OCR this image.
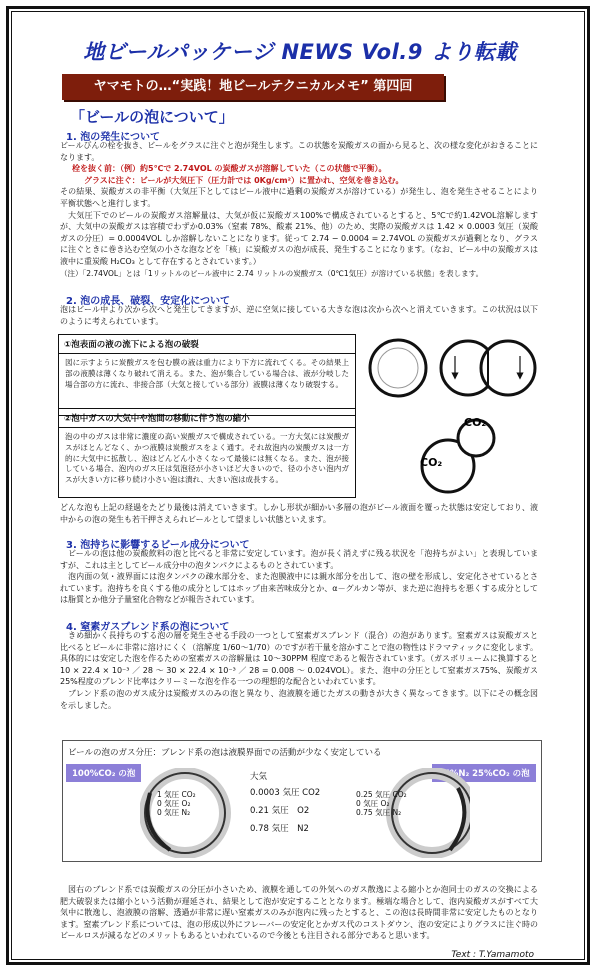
地ビールパッケージ NEWS Vol.9 より転載
ヤマモトの…“実践！地ビールテクニカルメモ” 第四回
「ビールの泡について」
1. 泡の発生について
ビールびんの栓を抜き、ビールをグラスに注ぐと泡が発生します。この状態を炭酸ガスの面から見ると、次の様な変化がおきることになります。
栓を抜く前：（例）約5℃で 2.74VOL の炭酸ガスが溶解していた（この状態で平衡）。
グラスに注ぐ：ビールが大気圧下（圧力計では 0Kg/cm²）に置かれ、空気を巻き込む。
その結果、炭酸ガスの非平衡（大気圧下としてはビール液中に過剰の炭酸ガスが溶けている）が発生し、泡を発生させることにより平衡状態へと進行します。
大気圧下でのビールの炭酸ガス溶解量は、大気が仮に炭酸ガス100%で構成されているとすると、5℃で約1.42VOL溶解しますが、大気中の炭酸ガスは容積でわずか0.03%（窒素 78%、酸素 21%、他）のため、実際の炭酸ガスは 1.42 × 0.0003 気圧（炭酸ガスの分圧）= 0.0004VOL しか溶解しないことになります。従って 2.74 − 0.0004 = 2.74VOL の炭酸ガスが過剰となり、グラスに注ぐときに巻き込む空気の小さな泡などを「核」に炭酸ガスの泡が成長、発生することになります。（なお、ビール中の炭酸ガスは液中に重炭酸 H₂CO₃ として存在するとされています。）
（注）「2.74VOL」とは「1リットルのビール液中に 2.74 リットルの炭酸ガス（0℃1気圧）が溶けている状態」を表します。
2. 泡の成長、破裂、安定化について
泡はビール中より次から次へと発生してきますが、逆に空気に接している大きな泡は次から次へと消えていきます。この状況は以下のように考えられています。
①泡表面の液の流下による泡の破裂
図に示すように炭酸ガスを包む膜の液は重力により下方に流れてくる。その結果上部の液膜は薄くなり破れて消える。また、泡が集合している場合は、液が分岐した場合部の方に流れ、非接合部（大気と接している部分）液膜は薄くなり破裂する。
②泡中ガスの大気中や泡間の移動に伴う泡の縮小
泡の中のガスは非常に濃度の高い炭酸ガスで構成されている。一方大気には炭酸ガスがほとんどなく、かつ液膜は炭酸ガスをよく通す。それ故泡内の炭酸ガスは一方的に大気中に拡散し、泡はどんどん小さくなって最後には無くなる。また、泡が接している場合、泡内のガス圧は気泡径が小さいほど大きいので、径の小さい泡内ガスが大きい方に移り続け小さい泡は潰れ、大きい泡は成長する。
CO₂
CO₂
どんな泡も上記の経過をたどり最後は消えていきます。しかし形状が細かい多層の泡がビール液面を覆った状態は安定しており、液中からの泡の発生も若干押さえられビールとして望ましい状態といえます。
3. 泡持ちに影響するビール成分について
ビールの泡は他の炭酸飲料の泡と比べると非常に安定しています。泡が長く消えずに残る状況を「泡持ちがよい」と表現していますが、これは主としてビール成分中の泡タンパクによるものとされています。
泡内面の気・液界面には泡タンパクの疎水部分を、また泡膜液中には親水部分を出して、泡の壁を形成し、安定化させているとされています。泡持ちを良くする他の成分としてはホップ由来苦味成分とか、α－グルカン等が、また逆に泡持ちを悪くする成分としては脂質とか他分子量窒化合物などが報告されています。
4. 窒素ガスブレンド系の泡について
きめ細かく長持ちのする泡の層を発生させる手段の一つとして窒素ガスブレンド（混合）の泡があります。窒素ガスは炭酸ガスと比べるとビールに非常に溶けにくく（溶解度 1/60〜1/70）のですが若干量を溶かすことで泡の物性はドラマティックに変化します。具体的には安定した泡を作るための窒素ガスの溶解量は 10〜30PPM 程度であると報告されています。（ガスボリュームに換算すると 10 × 22.4 × 10⁻³ ／ 28 〜 30 × 22.4 × 10⁻³ ／ 28 = 0.008 〜 0.024VOL）。また、泡中の分圧として窒素ガス75%、炭酸ガス25%程度のブレンド比率はクリーミーな泡を作る一つの理想的な配合といわれています。
ブレンド系の泡のガス成分は炭酸ガスのみの泡と異なり、泡液膜を通じたガスの動きが大きく異なってきます。以下にその概念図を示しました。
ビールの泡のガス分圧：ブレンド系の泡は液膜界面での活動が少なく安定している
100%CO₂ の泡	75%N₂ 25%CO₂ の泡
1 気圧 CO₂
0 気圧 O₂
0 気圧 N₂
0.25 気圧 CO₂
0 気圧 O₂
0.75 気圧 N₂
大気
0.0003 気圧 CO2
0.21 気圧　O2
0.78 気圧　N2
図右のブレンド系では炭酸ガスの分圧が小さいため、液膜を通しての外気へのガス散逸による縮小とか泡同士のガスの交換による肥大破裂または縮小という活動が遅延され、結果として泡が安定することとなります。極端な場合として、泡内炭酸ガスがすべて大気中に散逸し、泡液膜の溶解、透過が非常に遅い窒素ガスのみが泡内に残ったとすると、この泡は長時間非常に安定したものとなります。窒素ブレンド系については、泡の形成以外にフレーバーの安定化とかガス代のコストダウン、泡の安定によりグラスに注ぐ時のビールロスが減るなどのメリットもあるといわれているので今後とも注目される部分であると思います。
Text : T.Yamamoto
